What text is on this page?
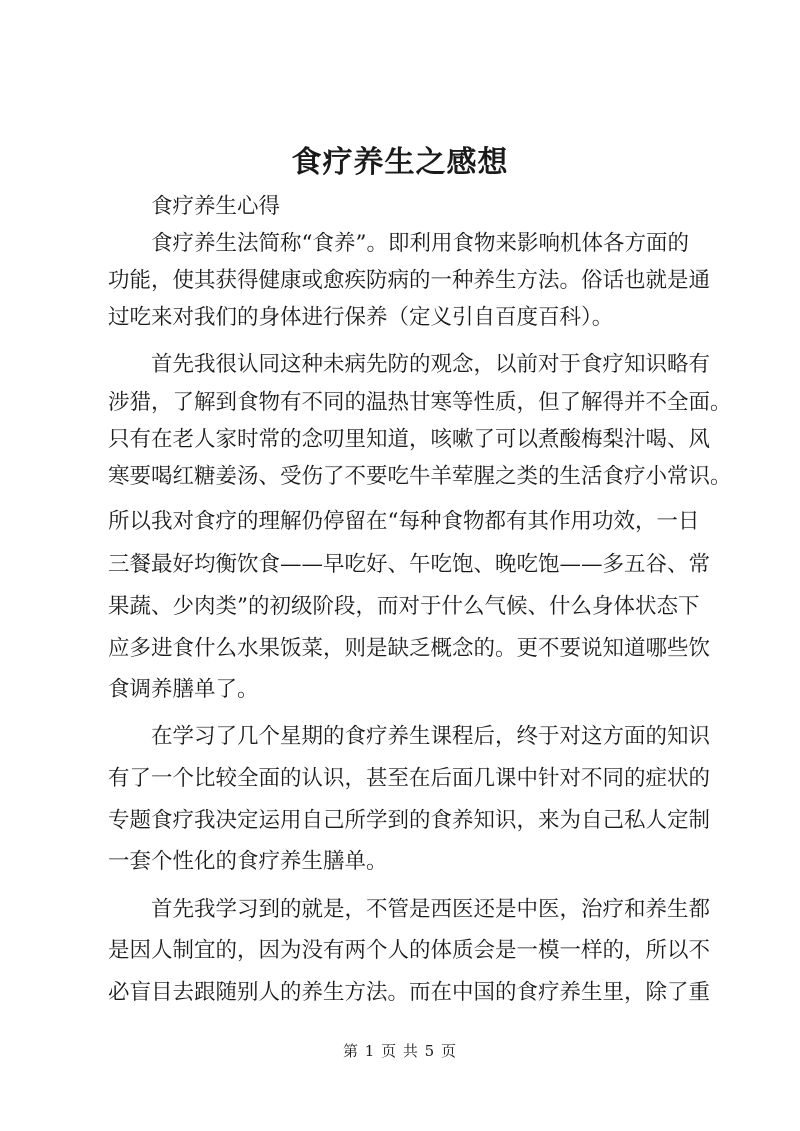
食疗养生之感想
　　食疗养生心得
　　食疗养生法简称“食养”。即利用食物来影响机体各方面的
功能，使其获得健康或愈疾防病的一种养生方法。俗话也就是通
过吃来对我们的身体进行保养（定义引自百度百科）。
　　首先我很认同这种未病先防的观念，以前对于食疗知识略有
涉猎，了解到食物有不同的温热甘寒等性质，但了解得并不全面。
只有在老人家时常的念叨里知道，咳嗽了可以煮酸梅梨汁喝、风
寒要喝红糖姜汤、受伤了不要吃牛羊荤腥之类的生活食疗小常识。
所以我对食疗的理解仍停留在“每种食物都有其作用功效，一日
三餐最好均衡饮食——早吃好、午吃饱、晚吃饱——多五谷、常
果蔬、少肉类”的初级阶段，而对于什么气候、什么身体状态下
应多进食什么水果饭菜，则是缺乏概念的。更不要说知道哪些饮
食调养膳单了。
　　在学习了几个星期的食疗养生课程后，终于对这方面的知识
有了一个比较全面的认识，甚至在后面几课中针对不同的症状的
专题食疗我决定运用自己所学到的食养知识，来为自己私人定制
一套个性化的食疗养生膳单。
　　首先我学习到的就是，不管是西医还是中医，治疗和养生都
是因人制宜的，因为没有两个人的体质会是一模一样的，所以不
必盲目去跟随别人的养生方法。而在中国的食疗养生里，除了重
第 1 页 共 5 页
